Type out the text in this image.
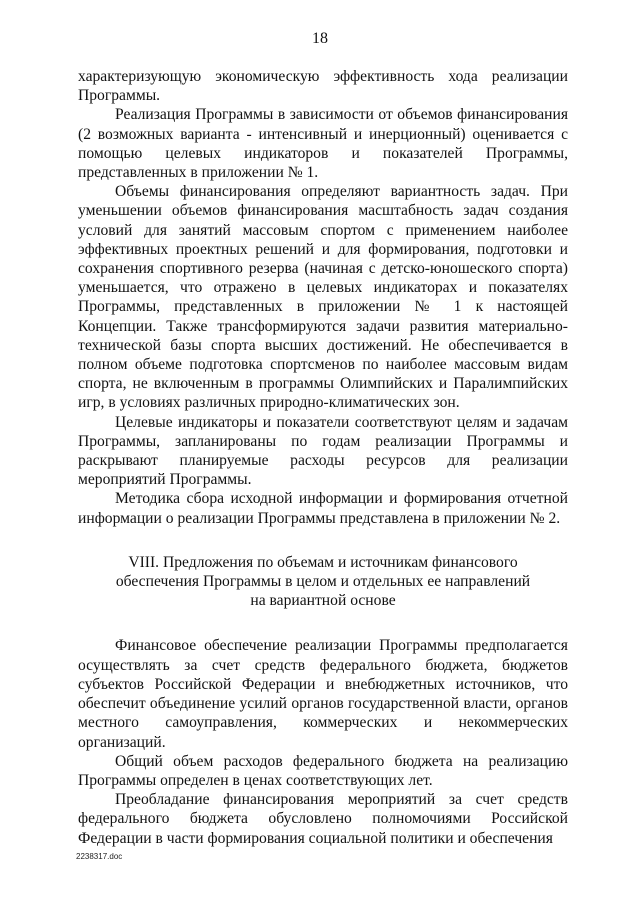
18

характеризующую экономическую эффективность хода реализации Программы.

Реализация Программы в зависимости от объемов финансирования (2 возможных варианта - интенсивный и инерционный) оценивается с помощью целевых индикаторов и показателей Программы, представленных в приложении № 1.

Объемы финансирования определяют вариантность задач. При уменьшении объемов финансирования масштабность задач создания условий для занятий массовым спортом с применением наиболее эффективных проектных решений и для формирования, подготовки и сохранения спортивного резерва (начиная с детско-юношеского спорта) уменьшается, что отражено в целевых индикаторах и показателях Программы, представленных в приложении № 1 к настоящей Концепции. Также трансформируются задачи развития материально-технической базы спорта высших достижений. Не обеспечивается в полном объеме подготовка спортсменов по наиболее массовым видам спорта, не включенным в программы Олимпийских и Паралимпийских игр, в условиях различных природно-климатических зон.

Целевые индикаторы и показатели соответствуют целям и задачам Программы, запланированы по годам реализации Программы и раскрывают планируемые расходы ресурсов для реализации мероприятий Программы.

Методика сбора исходной информации и формирования отчетной информации о реализации Программы представлена в приложении № 2.

VIII. Предложения по объемам и источникам финансового
обеспечения Программы в целом и отдельных ее направлений
на вариантной основе

Финансовое обеспечение реализации Программы предполагается осуществлять за счет средств федерального бюджета, бюджетов субъектов Российской Федерации и внебюджетных источников, что обеспечит объединение усилий органов государственной власти, органов местного самоуправления, коммерческих и некоммерческих организаций.

Общий объем расходов федерального бюджета на реализацию Программы определен в ценах соответствующих лет.

Преобладание финансирования мероприятий за счет средств федерального бюджета обусловлено полномочиями Российской Федерации в части формирования социальной политики и обеспечения

2238317.doc
